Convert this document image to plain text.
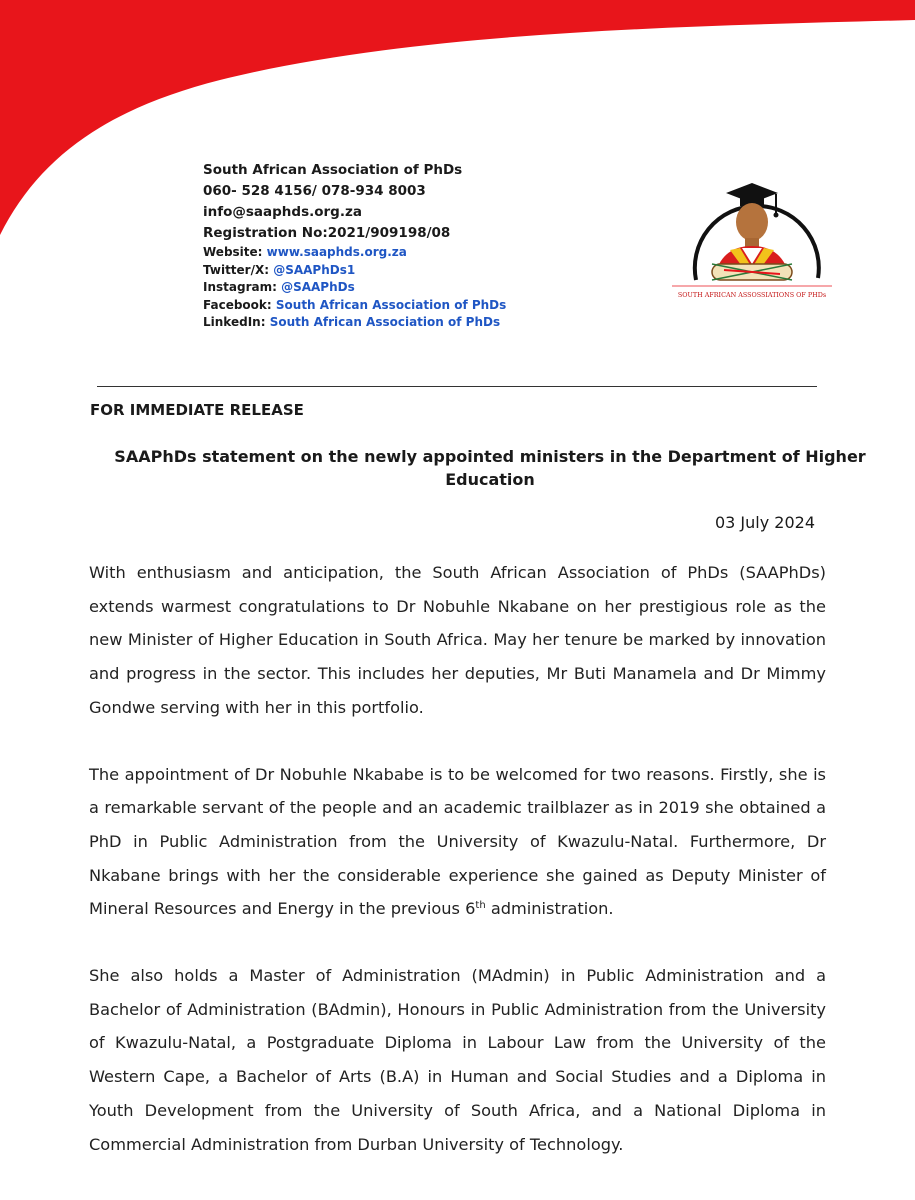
South African Association of PhDs
060- 528 4156/ 078-934 8003
info@saaphds.org.za
Registration No:2021/909198/08
Website: www.saaphds.org.za
Twitter/X: @SAAPhDs1
Instagram: @SAAPhDs
Facebook: South African Association of PhDs
LinkedIn: South African Association of PhDs
SOUTH AFRICAN ASSOSSIATIONS OF PHDs
FOR IMMEDIATE RELEASE
SAAPhDs statement on the newly appointed ministers in the Department of Higher Education
03 July 2024

With enthusiasm and anticipation, the South African Association of PhDs (SAAPhDs) extends warmest congratulations to Dr Nobuhle Nkabane on her prestigious role as the new Minister of Higher Education in South Africa. May her tenure be marked by innovation and progress in the sector. This includes her deputies, Mr Buti Manamela and Dr Mimmy Gondwe serving with her in this portfolio.

The appointment of Dr Nobuhle Nkababe is to be welcomed for two reasons. Firstly, she is a remarkable servant of the people and an academic trailblazer as in 2019 she obtained a PhD in Public Administration from the University of Kwazulu-Natal. Furthermore, Dr Nkabane brings with her the considerable experience she gained as Deputy Minister of Mineral Resources and Energy in the previous 6th administration.

She also holds a Master of Administration (MAdmin) in Public Administration and a Bachelor of Administration (BAdmin), Honours in Public Administration from the University of Kwazulu-Natal, a Postgraduate Diploma in Labour Law from the University of the Western Cape, a Bachelor of Arts (B.A) in Human and Social Studies and a Diploma in Youth Development from the University of South Africa, and a National Diploma in Commercial Administration from Durban University of Technology.
